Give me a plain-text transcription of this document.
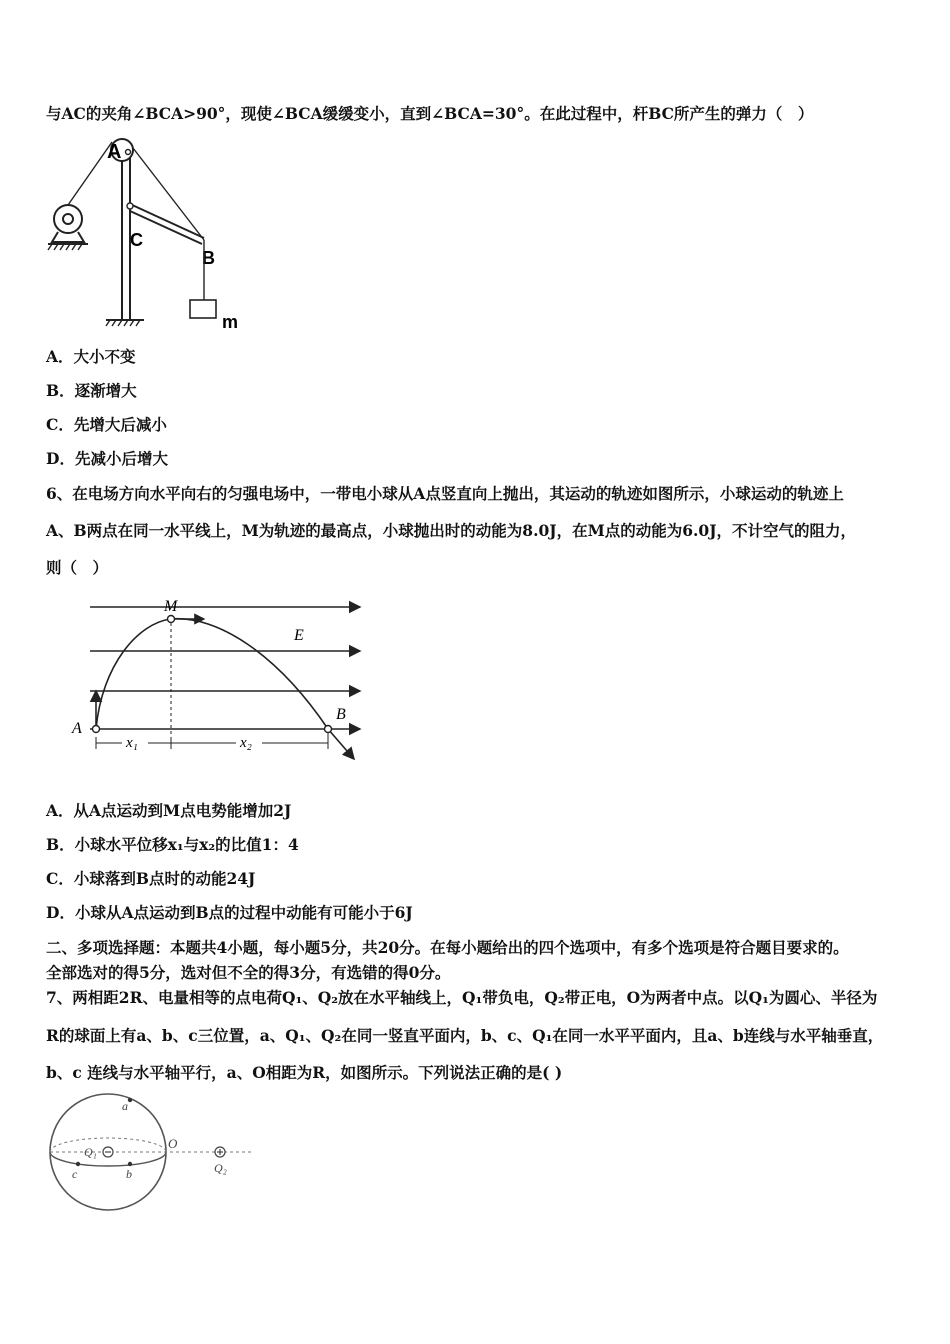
与AC的夹角∠BCA>90°，现使∠BCA缓缓变小，直到∠BCA=30°。在此过程中，杆BC所产生的弹力（　）
A
C
B
m
A．大小不变
B．逐渐增大
C．先增大后减小
D．先减小后增大
6、在电场方向水平向右的匀强电场中，一带电小球从A点竖直向上抛出，其运动的轨迹如图所示，小球运动的轨迹上
A、B两点在同一水平线上，M为轨迹的最高点，小球抛出时的动能为8.0J，在M点的动能为6.0J，不计空气的阻力，
则（　）
E
M
A
B
x₁	x₂
A．从A点运动到M点电势能增加2J
B．小球水平位移x₁与x₂的比值1：4
C．小球落到B点时的动能24J
D．小球从A点运动到B点的过程中动能有可能小于6J
二、多项选择题：本题共4小题，每小题5分，共20分。在每小题给出的四个选项中，有多个选项是符合题目要求的。
全部选对的得5分，选对但不全的得3分，有选错的得0分。
7、两相距2R、电量相等的点电荷Q₁、Q₂放在水平轴线上，Q₁带负电，Q₂带正电，O为两者中点。以Q₁为圆心、半径为
R的球面上有a、b、c三位置，a、Q₁、Q₂在同一竖直平面内，b、c、Q₁在同一水平平面内，且a、b连线与水平轴垂直，
b、c 连线与水平轴平行，a、O相距为R，如图所示。下列说法正确的是( )
a
Q₁
O
Q₂
b
c
